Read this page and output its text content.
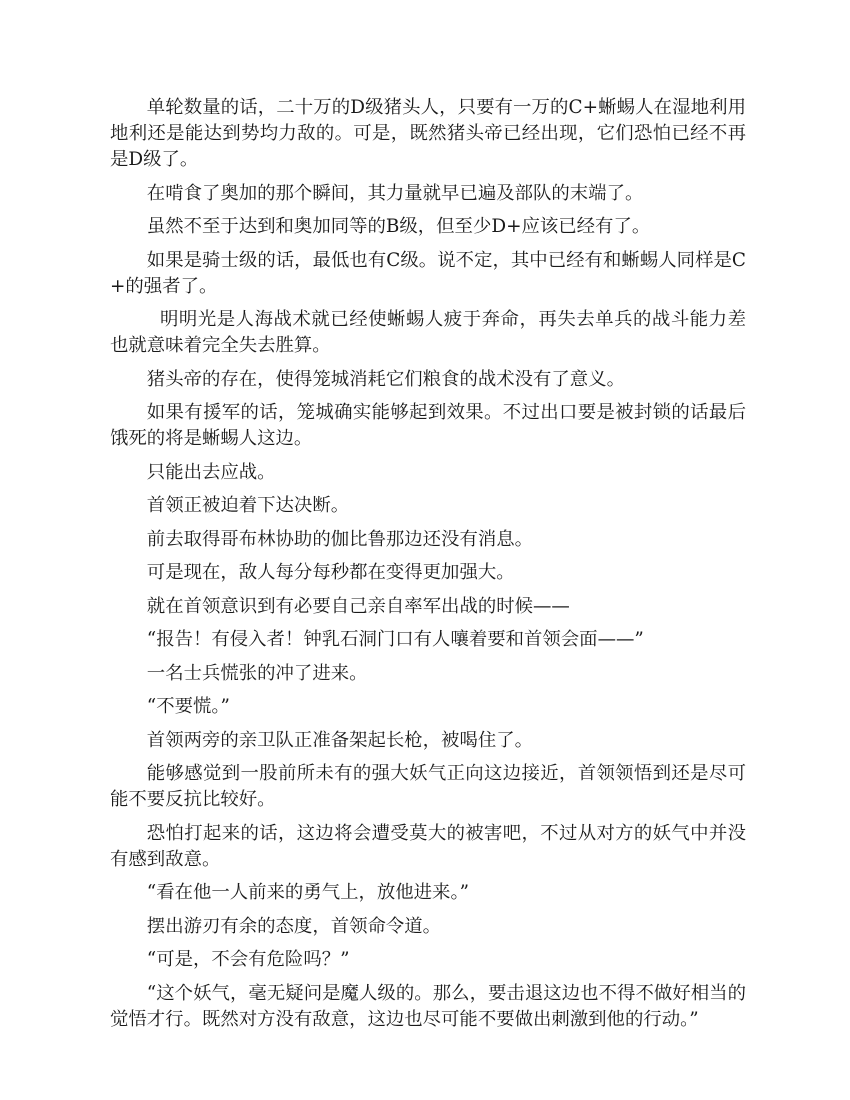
单轮数量的话，二十万的D级猪头人，只要有一万的C+蜥蜴人在湿地利用地利还是能达到势均力敌的。可是，既然猪头帝已经出现，它们恐怕已经不再是D级了。

在啃食了奥加的那个瞬间，其力量就早已遍及部队的末端了。

虽然不至于达到和奥加同等的B级，但至少D+应该已经有了。

如果是骑士级的话，最低也有C级。说不定，其中已经有和蜥蜴人同样是C+的强者了。

明明光是人海战术就已经使蜥蜴人疲于奔命，再失去单兵的战斗能力差也就意味着完全失去胜算。

猪头帝的存在，使得笼城消耗它们粮食的战术没有了意义。

如果有援军的话，笼城确实能够起到效果。不过出口要是被封锁的话最后饿死的将是蜥蜴人这边。

只能出去应战。

首领正被迫着下达决断。

前去取得哥布林协助的伽比鲁那边还没有消息。

可是现在，敌人每分每秒都在变得更加强大。

就在首领意识到有必要自己亲自率军出战的时候——

“报告！有侵入者！钟乳石洞门口有人嚷着要和首领会面——”

一名士兵慌张的冲了进来。

“不要慌。”

首领两旁的亲卫队正准备架起长枪，被喝住了。

能够感觉到一股前所未有的强大妖气正向这边接近，首领领悟到还是尽可能不要反抗比较好。

恐怕打起来的话，这边将会遭受莫大的被害吧，不过从对方的妖气中并没有感到敌意。

“看在他一人前来的勇气上，放他进来。”

摆出游刃有余的态度，首领命令道。

“可是，不会有危险吗？”

“这个妖气，毫无疑问是魔人级的。那么，要击退这边也不得不做好相当的觉悟才行。既然对方没有敌意，这边也尽可能不要做出刺激到他的行动。”
